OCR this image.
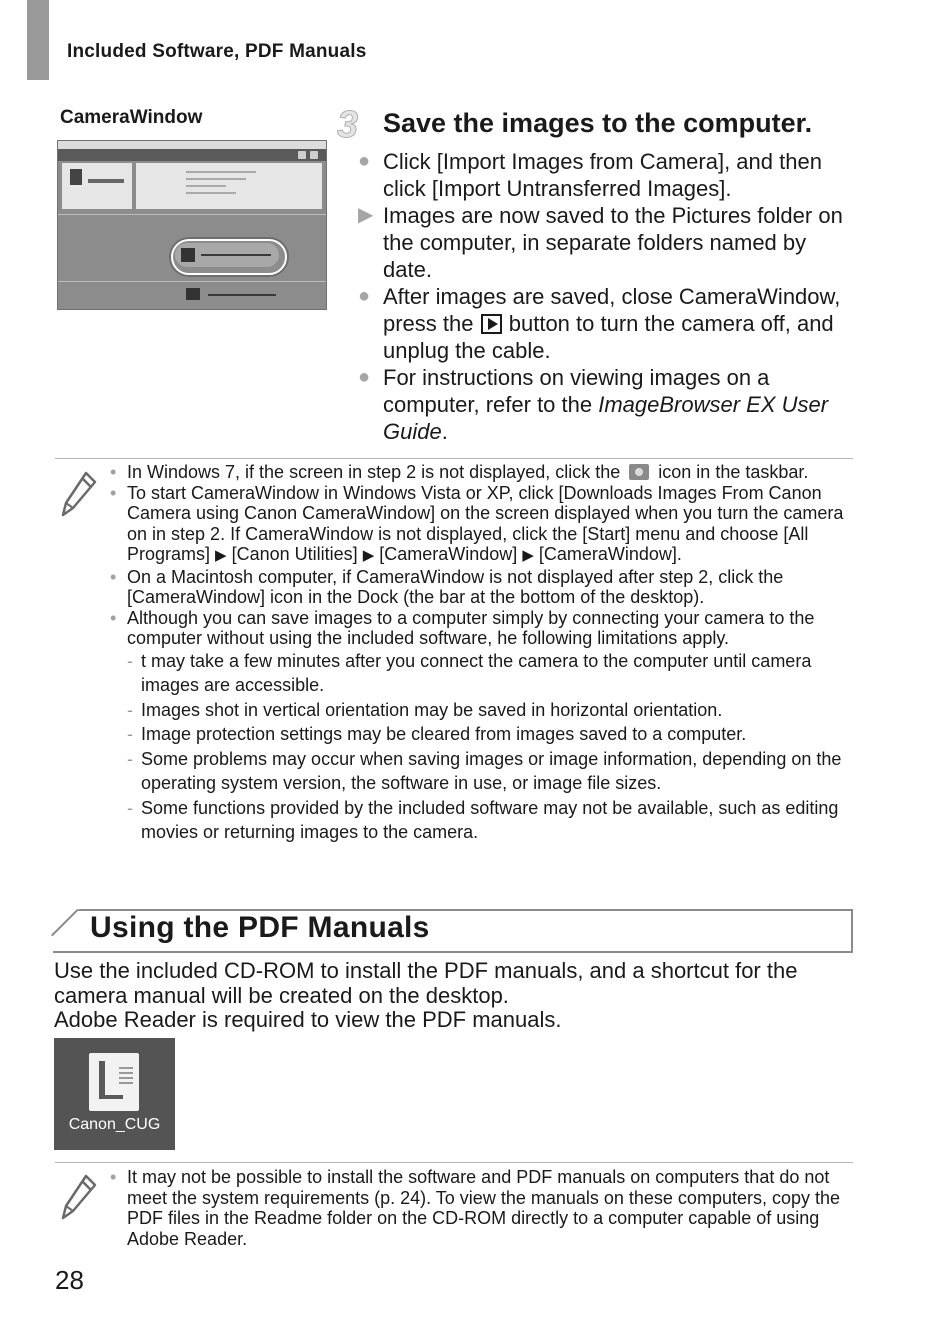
Included Software, PDF Manuals
CameraWindow	3 Save the images to the computer.
● Click [Import Images from Camera], and then click [Import Untransferred Images].
▶ Images are now saved to the Pictures folder on the computer, in separate folders named by date.
● After images are saved, close CameraWindow, press the button to turn the camera off, and unplug the cable.
● For instructions on viewing images on a computer, refer to the ImageBrowser EX User Guide.
• In Windows 7, if the screen in step 2 is not displayed, click the icon in the taskbar.
• To start CameraWindow in Windows Vista or XP, click [Downloads Images From Canon Camera using Canon CameraWindow] on the screen displayed when you turn the camera on in step 2. If CameraWindow is not displayed, click the [Start] menu and choose [All Programs] ▶ [Canon Utilities] ▶ [CameraWindow] ▶ [CameraWindow].
• On a Macintosh computer, if CameraWindow is not displayed after step 2, click the [CameraWindow] icon in the Dock (the bar at the bottom of the desktop).
• Although you can save images to a computer simply by connecting your camera to the computer without using the included software, he following limitations apply.
- t may take a few minutes after you connect the camera to the computer until camera images are accessible.
- Images shot in vertical orientation may be saved in horizontal orientation.
- Image protection settings may be cleared from images saved to a computer.
- Some problems may occur when saving images or image information, depending on the operating system version, the software in use, or image file sizes.
- Some functions provided by the included software may not be available, such as editing movies or returning images to the camera.
Using the PDF Manuals

Use the included CD-ROM to install the PDF manuals, and a shortcut for the camera manual will be created on the desktop.

Adobe Reader is required to view the PDF manuals.

Canon_CUG
• It may not be possible to install the software and PDF manuals on computers that do not meet the system requirements (p. 24). To view the manuals on these computers, copy the PDF files in the Readme folder on the CD-ROM directly to a computer capable of using Adobe Reader.
28
